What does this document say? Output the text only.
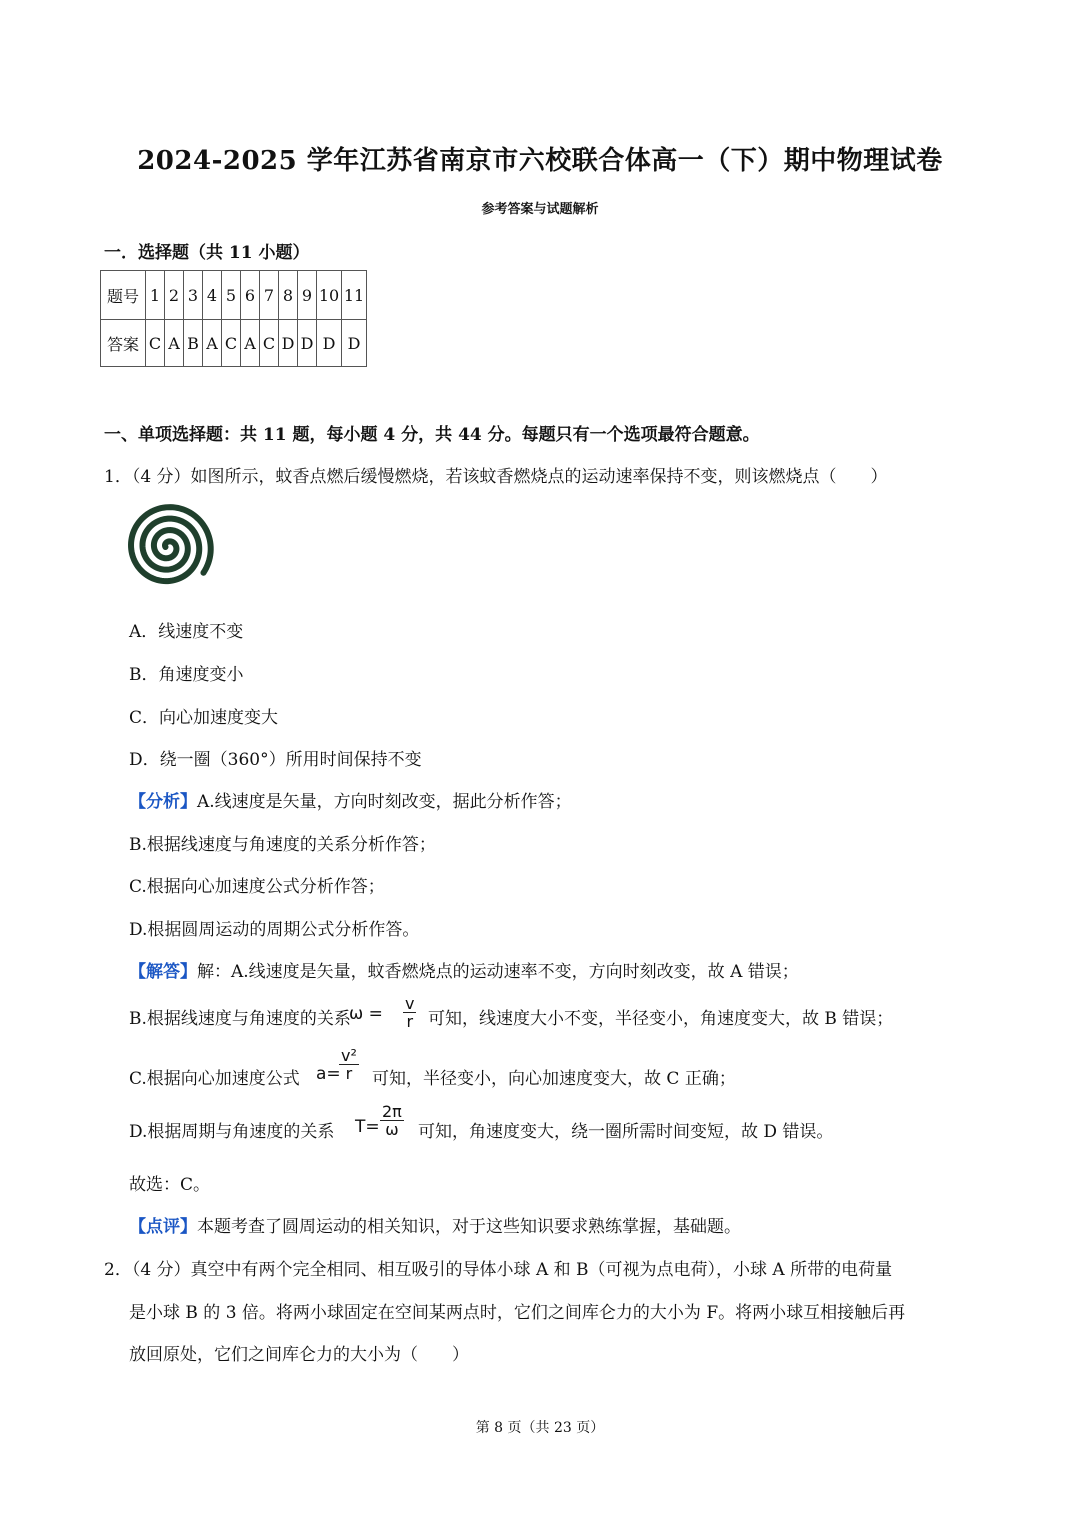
2024-2025 学年江苏省南京市六校联合体高一（下）期中物理试卷
参考答案与试题解析
一．选择题（共 11 小题）
题号	1	2	3	4	5	6	7	8	9	10	11
答案	C	A	B	A	C	A	C	D	D	D	D
一、单项选择题：共 11 题，每小题 4 分，共 44 分。每题只有一个选项最符合题意。
1．（4 分）如图所示，蚊香点燃后缓慢燃烧，若该蚊香燃烧点的运动速率保持不变，则该燃烧点（　　）
A．线速度不变
B．角速度变小
C．向心加速度变大
D．绕一圈（360°）所用时间保持不变
【分析】A.线速度是矢量，方向时刻改变，据此分析作答；
B.根据线速度与角速度的关系分析作答；
C.根据向心加速度公式分析作答；
D.根据圆周运动的周期公式分析作答。
【解答】解：A.线速度是矢量，蚊香燃烧点的运动速率不变，方向时刻改变，故 A 错误；
B.根据线速度与角速度的关系
$\omega = \frac{v}{r}$ 可知，线速度大小不变，半径变小，角速度变大，故 B 错误；
C.根据向心加速度公式 a=
$\frac{\text{v²}}{r}$ 可知，半径变小，向心加速度变大，故 C 正确；
D.根据周期与角速度的关系 $T= \frac{2\pi}{\omega}$ 可知，角速度变大，绕一圈所需时间变短，故 D 错误。
故选：C。
【点评】本题考查了圆周运动的相关知识，对于这些知识要求熟练掌握，基础题。
2．（4 分）真空中有两个完全相同、相互吸引的导体小球 A 和 B（可视为点电荷），小球 A 所带的电荷量
是小球 B 的 3 倍。将两小球固定在空间某两点时，它们之间库仑力的大小为 F。将两小球互相接触后再
放回原处，它们之间库仑力的大小为（　　）
第 8 页（共 23 页）
